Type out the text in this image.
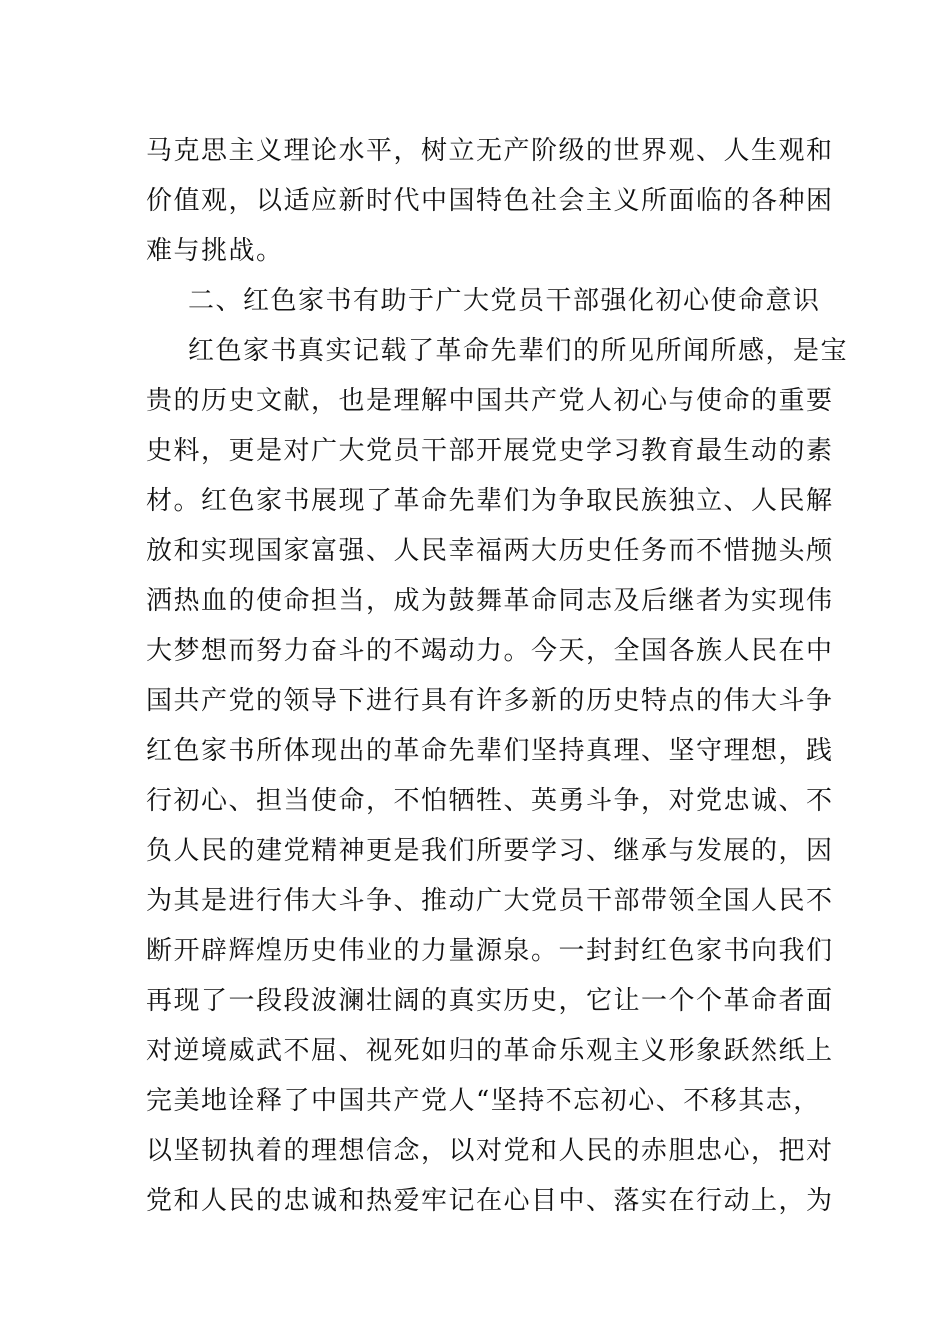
马克思主义理论水平，树立无产阶级的世界观、人生观和
价值观，以适应新时代中国特色社会主义所面临的各种困
难与挑战。
二、红色家书有助于广大党员干部强化初心使命意识
红色家书真实记载了革命先辈们的所见所闻所感，是宝
贵的历史文献，也是理解中国共产党人初心与使命的重要
史料，更是对广大党员干部开展党史学习教育最生动的素
材。红色家书展现了革命先辈们为争取民族独立、人民解
放和实现国家富强、人民幸福两大历史任务而不惜抛头颅
洒热血的使命担当，成为鼓舞革命同志及后继者为实现伟
大梦想而努力奋斗的不竭动力。今天，全国各族人民在中
国共产党的领导下进行具有许多新的历史特点的伟大斗争
红色家书所体现出的革命先辈们坚持真理、坚守理想，践
行初心、担当使命，不怕牺牲、英勇斗争，对党忠诚、不
负人民的建党精神更是我们所要学习、继承与发展的，因
为其是进行伟大斗争、推动广大党员干部带领全国人民不
断开辟辉煌历史伟业的力量源泉。一封封红色家书向我们
再现了一段段波澜壮阔的真实历史，它让一个个革命者面
对逆境威武不屈、视死如归的革命乐观主义形象跃然纸上
完美地诠释了中国共产党人“坚持不忘初心、不移其志，
以坚韧执着的理想信念，以对党和人民的赤胆忠心，把对
党和人民的忠诚和热爱牢记在心目中、落实在行动上，为
